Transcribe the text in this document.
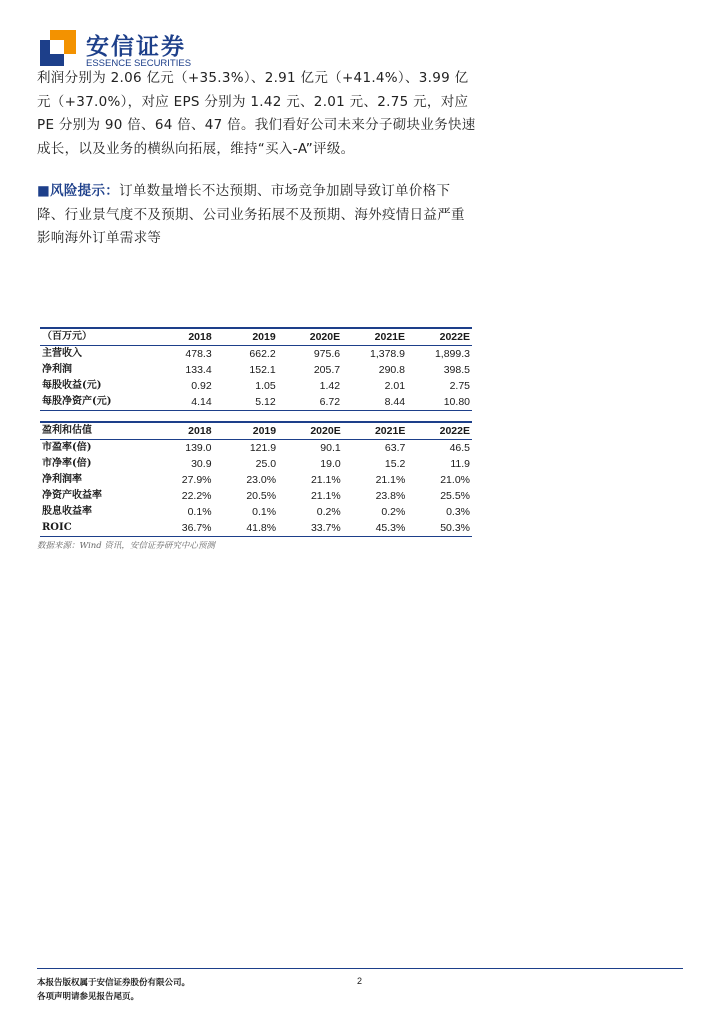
安信证券
ESSENCE SECURITIES
利润分别为 2.06 亿元（+35.3%）、2.91 亿元（+41.4%）、3.99 亿元（+37.0%），对应 EPS 分别为 1.42 元、2.01 元、2.75 元，对应 PE 分别为 90 倍、64 倍、47 倍。我们看好公司未来分子砌块业务快速成长，以及业务的横纵向拓展，维持“买入-A”评级。
■风险提示：订单数量增长不达预期、市场竞争加剧导致订单价格下降、行业景气度不及预期、公司业务拓展不及预期、海外疫情日益严重影响海外订单需求等
（百万元）	2018	2019	2020E	2021E	2022E
主营收入	478.3	662.2	975.6	1,378.9	1,899.3
净利润	133.4	152.1	205.7	290.8	398.5
每股收益(元)	0.92	1.05	1.42	2.01	2.75
每股净资产(元)	4.14	5.12	6.72	8.44	10.80
盈利和估值	2018	2019	2020E	2021E	2022E
市盈率(倍)	139.0	121.9	90.1	63.7	46.5
市净率(倍)	30.9	25.0	19.0	15.2	11.9
净利润率	27.9%	23.0%	21.1%	21.1%	21.0%
净资产收益率	22.2%	20.5%	21.1%	23.8%	25.5%
股息收益率	0.1%	0.1%	0.2%	0.2%	0.3%
ROIC	36.7%	41.8%	33.7%	45.3%	50.3%
数据来源：Wind 资讯，安信证券研究中心预测
本报告版权属于安信证券股份有限公司。
各项声明请参见报告尾页。
2
